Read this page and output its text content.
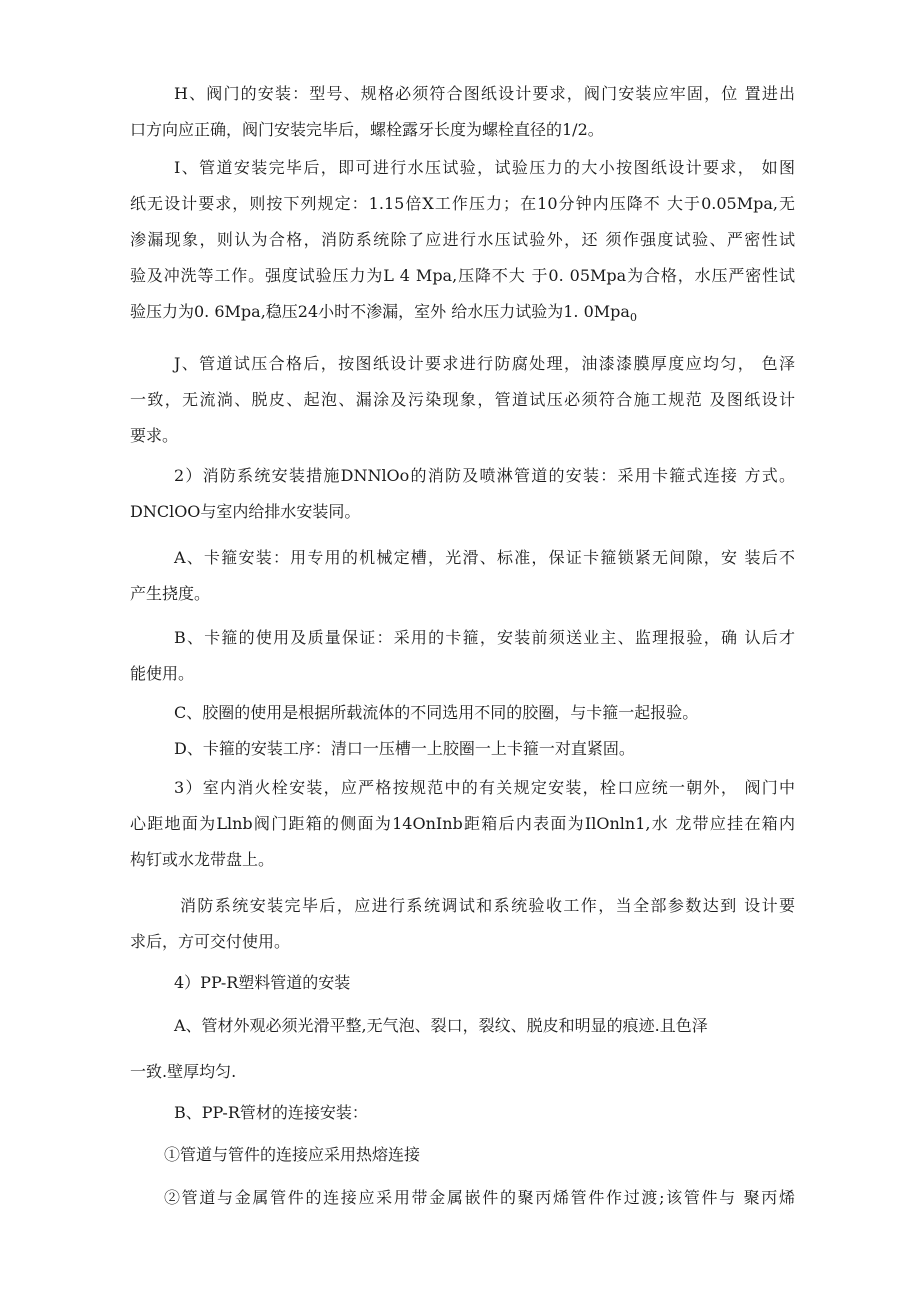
H、阀门的安装：型号、规格必须符合图纸设计要求，阀门安装应牢固，位 置进出
口方向应正确，阀门安装完毕后，螺栓露牙长度为螺栓直径的1/2。
I、管道安装完毕后，即可进行水压试验，试验压力的大小按图纸设计要求， 如图
纸无设计要求，则按下列规定：1.15倍X工作压力；在10分钟内压降不 大于0.05Mpa,无
渗漏现象，则认为合格，消防系统除了应进行水压试验外，还 须作强度试验、严密性试
验及冲洗等工作。强度试验压力为L 4 Mpa,压降不大 于0. 05Mpa为合格，水压严密性试
验压力为0. 6Mpa,稳压24小时不渗漏，室外 给水压力试验为1. 0Mpa$_0$
J、管道试压合格后，按图纸设计要求进行防腐处理，油漆漆膜厚度应均匀， 色泽
一致，无流淌、脱皮、起泡、漏涂及污染现象，管道试压必须符合施工规范 及图纸设计
要求。
2）消防系统安装措施DNNlOo的消防及喷淋管道的安装：采用卡箍式连接 方式。
DNClOO与室内给排水安装同。
A、卡箍安装：用专用的机械定槽，光滑、标准，保证卡箍锁紧无间隙，安 装后不
产生挠度。
B、卡箍的使用及质量保证：采用的卡箍，安装前须送业主、监理报验，确 认后才
能使用。
C、胶圈的使用是根据所载流体的不同选用不同的胶圈，与卡箍一起报验。
D、卡箍的安装工序：清口一压槽一上胶圈一上卡箍一对直紧固。
3）室内消火栓安装，应严格按规范中的有关规定安装，栓口应统一朝外， 阀门中
心距地面为Llnb阀门距箱的侧面为14OnInb距箱后内表面为IlOnln1,水 龙带应挂在箱内
构钉或水龙带盘上。
消防系统安装完毕后，应进行系统调试和系统验收工作，当全部参数达到 设计要
求后，方可交付使用。
4）PP-R塑料管道的安装
A、管材外观必须光滑平整,无气泡、裂口，裂纹、脱皮和明显的痕迹.且色泽
一致.壁厚均匀.
B、PP-R管材的连接安装：
①管道与管件的连接应采用热熔连接
②管道与金属管件的连接应采用带金属嵌件的聚丙烯管件作过渡;该管件与 聚丙烯
